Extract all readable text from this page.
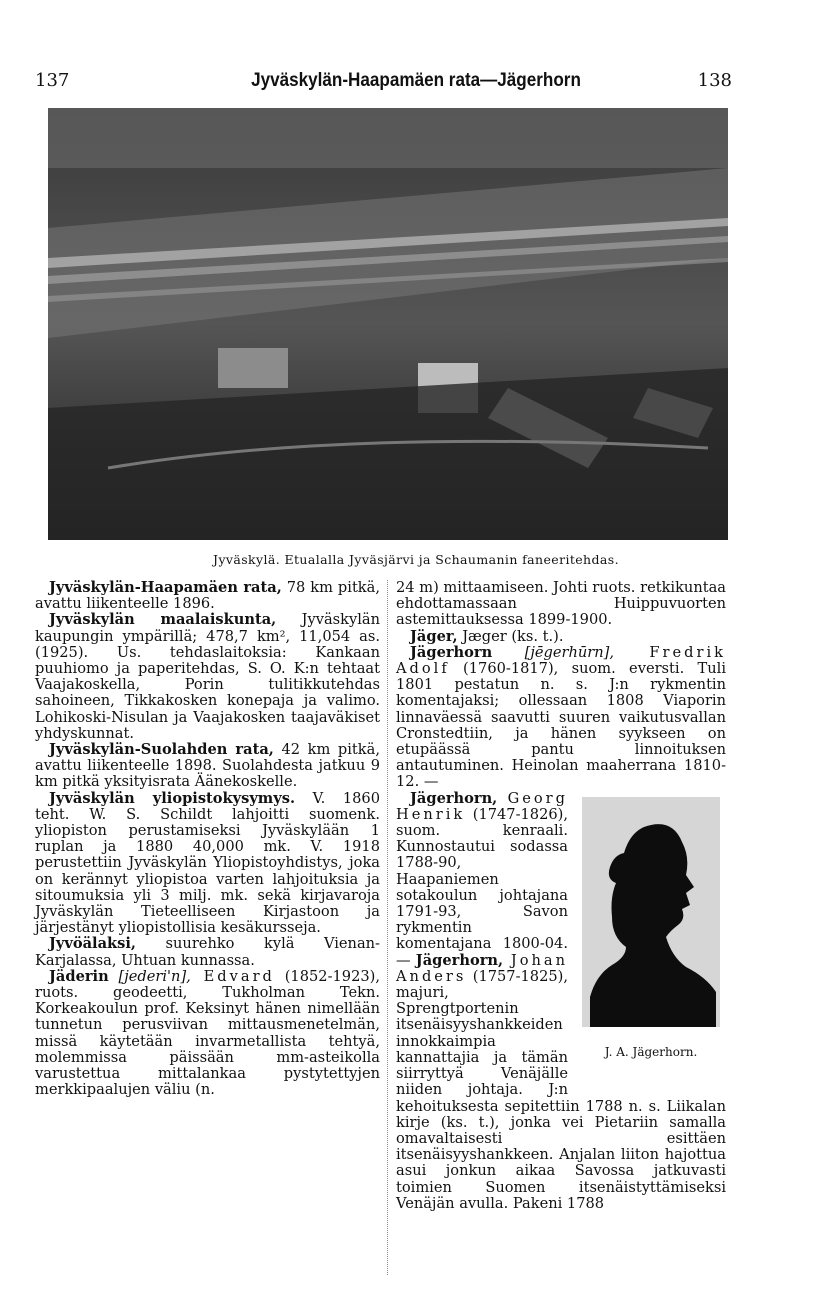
137	Jyväskylän-Haapamäen rata—Jägerhorn	138
Jyväskylä. Etualalla Jyväsjärvi ja Schaumanin faneeritehdas.

Jyväskylän-Haapamäen rata, 78 km pitkä, avattu liikenteelle 1896.

Jyväskylän maalaiskunta, Jyväskylän kaupungin ympärillä; 478,7 km², 11,054 as. (1925). Us. tehdaslaitoksia: Kankaan puuhiomo ja paperitehdas, S. O. K:n tehtaat Vaajakoskella, Porin tulitikkutehdas sahoineen, Tikkakosken konepaja ja valimo. Lohikoski-Nisulan ja Vaajakosken taajaväkiset yhdyskunnat.

Jyväskylän-Suolahden rata, 42 km pitkä, avattu liikenteelle 1898. Suolahdesta jatkuu 9 km pitkä yksityisrata Äänekoskelle.

Jyväskylän yliopistokysymys. V. 1860 teht. W. S. Schildt lahjoitti suomenk. yliopiston perustamiseksi Jyväskylään 1 ruplan ja 1880 40,000 mk. V. 1918 perustettiin Jyväskylän Yliopistoyhdistys, joka on kerännyt yliopistoa varten lahjoituksia ja sitoumuksia yli 3 milj. mk. sekä kirjavaroja Jyväskylän Tieteelliseen Kirjastoon ja järjestänyt yliopistollisia kesäkursseja.

Jyvöälaksi, suurehko kylä Vienan-Karjalassa, Uhtuan kunnassa.

Jäderin [jederi'n], Edvard (1852-1923), ruots. geodeetti, Tukholman Tekn. Korkeakoulun prof. Keksinyt hänen nimellään tunnetun perusviivan mittausmenetelmän, missä käytetään invarmetallista tehtyä, molemmissa päissään mm-asteikolla varustettua mittalankaa pystytettyjen merkkipaalujen väliu (n.

24 m) mittaamiseen. Johti ruots. retkikuntaa ehdottamassaan Huippuvuorten astemittauksessa 1899-1900.

Jäger, Jæger (ks. t.).

Jägerhorn [jēgerhūrn], Fredrik Adolf (1760-1817), suom. eversti. Tuli 1801 pestatun n. s. J:n rykmentin komentajaksi; ollessaan 1808 Viaporin linnaväessä saavutti suuren vaikutusvallan Cronstedtiin, ja hänen syykseen on etupäässä pantu linnoituksen antautuminen. Heinolan maaherrana 1810-12. —

J. A. Jägerhorn.
Jägerhorn, Georg Henrik (1747-1826), suom. kenraali. Kunnostautui sodassa 1788-90, Haapaniemen sotakoulun johtajana 1791-93, Savon rykmentin komentajana 1800-04. — Jägerhorn, Johan Anders (1757-1825), majuri, Sprengtportenin itsenäisyyshankkeiden innokkaimpia kannattajia ja tämän siirryttyä Venäjälle niiden johtaja. J:n kehoituksesta sepitettiin 1788 n. s. Liikalan kirje (ks. t.), jonka vei Pietariin samalla omavaltaisesti esittäen itsenäisyyshankkeen. Anjalan liiton hajottua asui jonkun aikaa Savossa jatkuvasti toimien Suomen itsenäistyttämiseksi Venäjän avulla. Pakeni 1788
